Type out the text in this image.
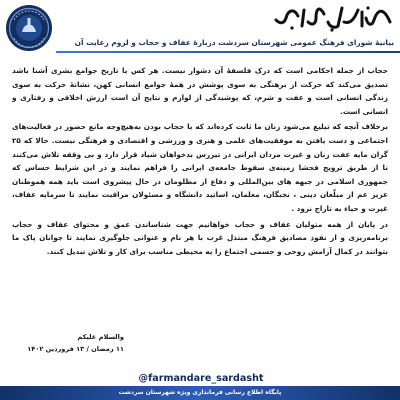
بیانیهٔ شورای فرهنگ عمومی شهرستان سردشت دربارهٔ عفاف و حجاب و لزوم رعایت آن

حجاب از جمله احکامی است که درک فلسفهٔ آن دشوار نیست. هر کس با تاریخ جوامع بشری آشنا باشد تصدیق می‌کند که حرکت از برهنگی به سوی پوشش در همهٔ جوامع انسانی کهن، نشانهٔ حرکت به سوی زندگی انسانی است و عفت و شرم، که پوشیدگی از لوازم و نتایج آن است ارزش اخلاقی و رفتاری و انسانی است.

برخلاف آنچه که تبلیغ می‌شود زنان ما ثابت کرده‌اند که با حجاب بودن به‌هیچ‌وجه مانع حضور در فعالیت‌های اجتماعی و دست یافتن به موفقیت‌های علمی و هنری و ورزشی و اقتصادی و فرهنگی نیست. حالا که ۲۵ گران مایه عفت زنان و غیرت مردان ایرانی در تیررس بدخواهان شیاد قرار دارد و بی وقفه تلاش می‌کنند تا از طریق ترویج فحشا زمینه‌ی سقوط جامعه‌ی ایرانی را فراهم نمایند و در این شرایط حساس که جمهوری اسلامی در جبهه های بین‌المللی و دفاع از مظلومان در حال پیشروی است باید همه همو‌طنان عزیز عم از مبلّغان دینی ، نخبگان، معلمان، اساتید دانشگاه و مسئولان مراقبت نمایند تا سرمایه عفاف، غیرت و حیاء به تاراج نرود .

در پایان از همه متولیان عفاف و حجاب خواهانیم جهت شناساندن عمق و محتوای عفاف و حجاب برنامه‌ریزی و از نفوذ مصادیق فرهنگ مبتذل غرب با هر نام و عنوانی جلوگیری نمایند تا جوانان پاک ما بتوانند در کمال آرامش روحی و جسمی اجتماع را به محیطی مناسب برای کار و تلاش تبدیل کنند.

والسلام علیکم
۱۱ رمضان / ۱۳ فروردین ۱۴۰۲
@farmandare_sardasht
پایگاه اطلاع رسانی فرمانداری ویژه شهرستان سردشت
